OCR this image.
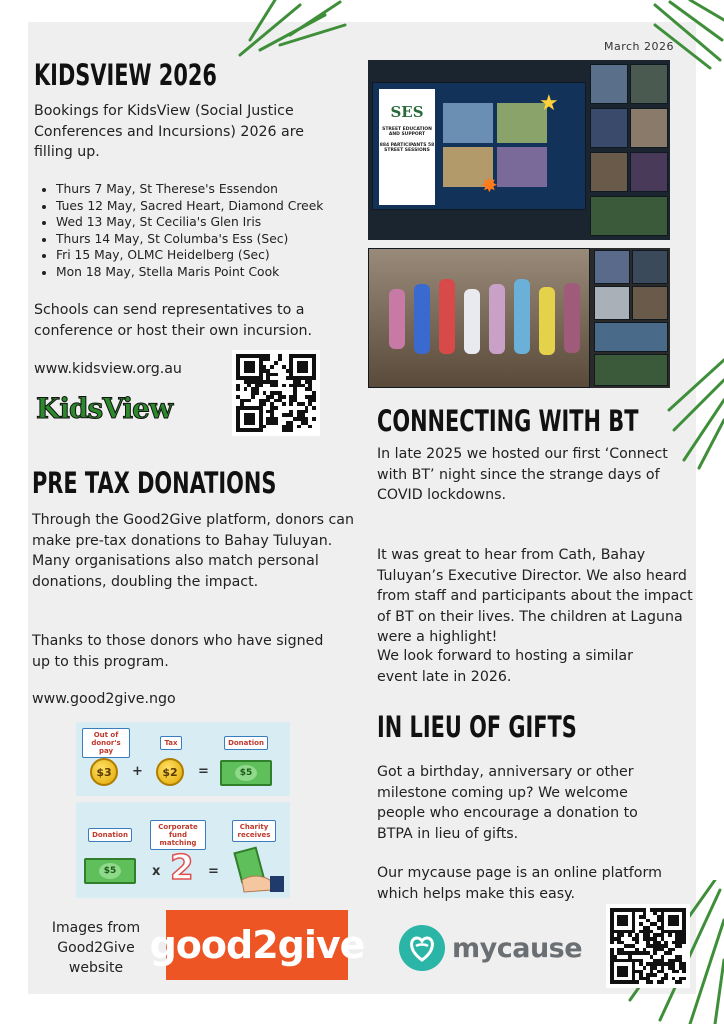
March 2026
KIDSVIEW 2026
Bookings for KidsView (Social Justice Conferences and Incursions) 2026 are filling up.
• Thurs 7 May, St Therese's Essendon
• Tues 12 May, Sacred Heart, Diamond Creek
• Wed 13 May, St Cecilia's Glen Iris
• Thurs 14 May, St Columba's Ess (Sec)
• Fri 15 May, OLMC Heidelberg (Sec)
• Mon 18 May, Stella Maris Point Cook
Schools can send representatives to a conference or host their own incursion.
www.kidsview.org.au
KidsView
PRE TAX DONATIONS
Through the Good2Give platform, donors can make pre-tax donations to Bahay Tuluyan. Many organisations also match personal donations, doubling the impact.
Thanks to those donors who have signed up to this program.
www.good2give.ngo
Out of donor's pay
Tax	Donation
$3	+	$2	=	$5
Donation
Corporate fund matching
Charity receives
$5	x 2 =
Images from Good2Give website
good2give
SES
STREET EDUCATION AND SUPPORT
884 PARTICIPANTS 58 STREET SESSIONS
★
✸
CONNECTING WITH BT
In late 2025 we hosted our first ‘Connect with BT’ night since the strange days of COVID lockdowns.
It was great to hear from Cath, Bahay Tuluyan’s Executive Director. We also heard from staff and participants about the impact of BT on their lives. The children at Laguna were a highlight!
We look forward to hosting a similar event late in 2026.
IN LIEU OF GIFTS
Got a birthday, anniversary or other milestone coming up? We welcome people who encourage a donation to BTPA in lieu of gifts.
Our mycause page is an online platform which helps make this easy.
mycause
